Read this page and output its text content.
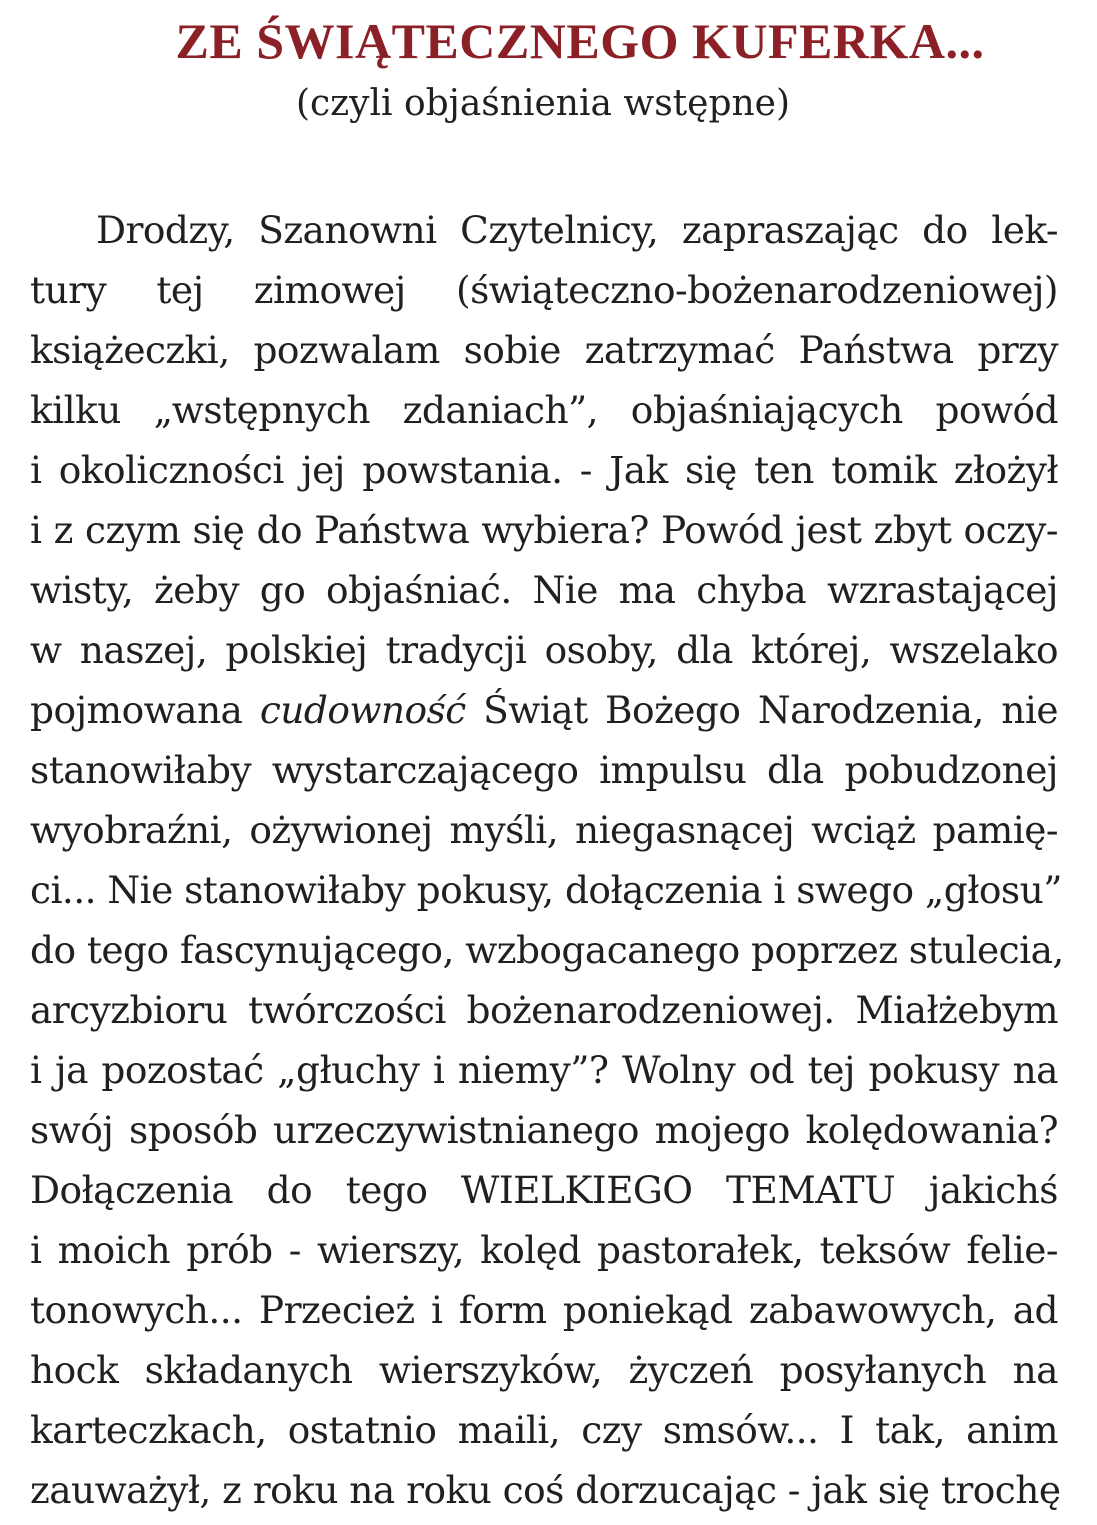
ZE ŚWIĄTECZNEGO KUFERKA...
(czyli objaśnienia wstępne)
Drodzy, Szanowni Czytelnicy, zapraszając do lek-
tury tej zimowej (świąteczno-bożenarodzeniowej)
książeczki, pozwalam sobie zatrzymać Państwa przy
kilku „wstępnych zdaniach”, objaśniających powód
i okoliczności jej powstania. - Jak się ten tomik złożył
i z czym się do Państwa wybiera? Powód jest zbyt oczy-
wisty, żeby go objaśniać. Nie ma chyba wzrastającej
w naszej, polskiej tradycji osoby, dla której, wszelako
pojmowana cudowność Świąt Bożego Narodzenia, nie
stanowiłaby wystarczającego impulsu dla pobudzonej
wyobraźni, ożywionej myśli, niegasnącej wciąż pamię-
ci... Nie stanowiłaby pokusy, dołączenia i swego „głosu”
do tego fascynującego, wzbogacanego poprzez stulecia,
arcyzbioru twórczości bożenarodzeniowej. Miałżebym
i ja pozostać „głuchy i niemy”? Wolny od tej pokusy na
swój sposób urzeczywistnianego mojego kolędowania?
Dołączenia do tego WIELKIEGO TEMATU jakichś
i moich prób - wierszy, kolęd pastorałek, teksów felie-
tonowych... Przecież i form poniekąd zabawowych, ad
hock składanych wierszyków, życzeń posyłanych na
karteczkach, ostatnio maili, czy smsów... I tak, anim
zauważył, z roku na roku coś dorzucając - jak się trochę
